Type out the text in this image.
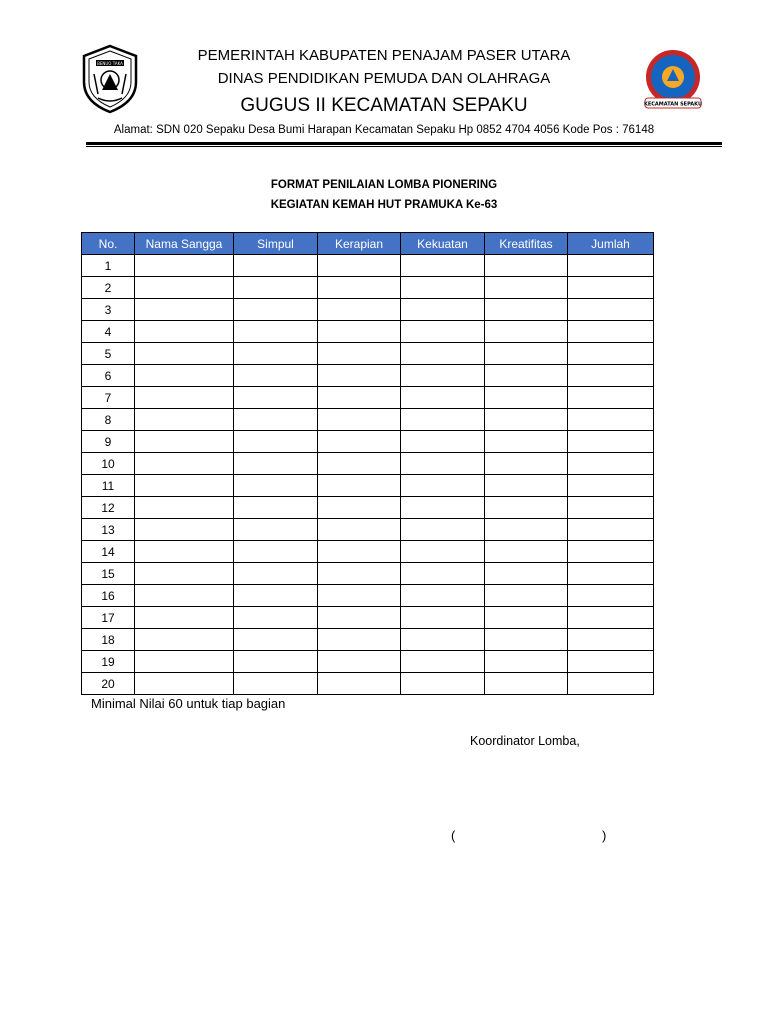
BENUO TAKA
KECAMATAN SEPAKU
PEMERINTAH KABUPATEN PENAJAM PASER UTARA
DINAS PENDIDIKAN PEMUDA DAN OLAHRAGA
GUGUS II KECAMATAN SEPAKU
Alamat: SDN 020 Sepaku Desa Bumi Harapan Kecamatan Sepaku Hp 0852 4704 4056 Kode Pos : 76148
FORMAT PENILAIAN LOMBA PIONERING
KEGIATAN KEMAH HUT PRAMUKA Ke-63
No.	Nama Sangga	Simpul	Kerapian	Kekuatan	Kreatifitas	Jumlah
1						
2						
3						
4						
5						
6						
7						
8						
9						
10						
11						
12						
13						
14						
15						
16						
17						
18						
19						
20						
Minimal Nilai 60 untuk tiap bagian
Koordinator Lomba,
(	)
